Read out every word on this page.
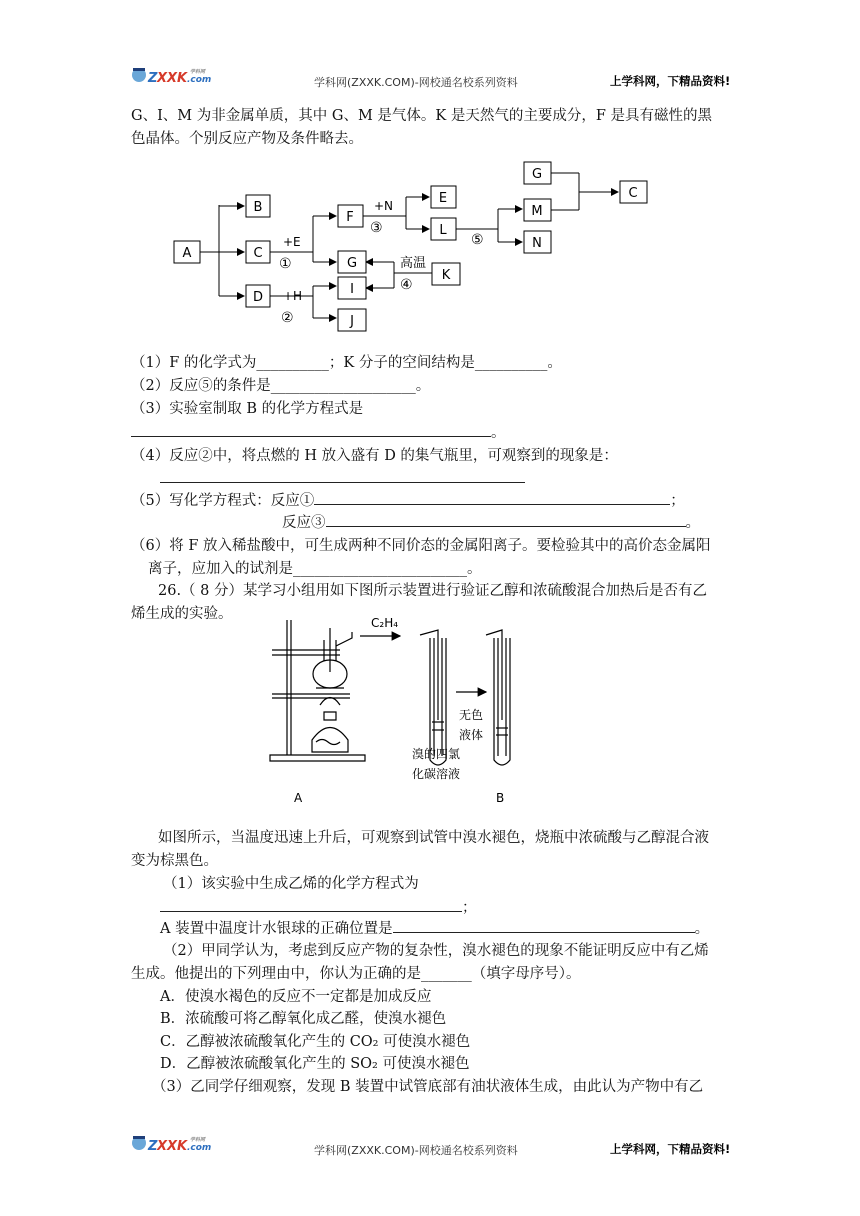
Z XXK .com
学科网
学科网(ZXXK.COM)-网校通名校系列资料	上学科网，下精品资料!
G、I、M 为非金属单质，其中 G、M 是气体。K 是天然气的主要成分，F 是具有磁性的黑
色晶体。个别反应产物及条件略去。
A
B
C
D
E
F
G
I
J
K
L
M
N
G
C
+E
①
+N
③
+H
②
高温
④
⑤
（1）F 的化学式为__________；K 分子的空间结构是__________。
（2）反应⑤的条件是____________________。
（3）实验室制取 B 的化学方程式是
。
（4）反应②中，将点燃的 H 放入盛有 D 的集气瓶里，可观察到的现象是：
（5）写化学方程式：反应①	；
反应③	。
（6）将 F 放入稀盐酸中，可生成两种不同价态的金属阳离子。要检验其中的高价态金属阳
离子，应加入的试剂是________________________。
26.（ 8 分）某学习小组用如下图所示装置进行验证乙醇和浓硫酸混合加热后是否有乙
烯生成的实验。
C₂H₄
A	B
无色
液体
溴的四氯
化碳溶液
如图所示，当温度迅速上升后，可观察到试管中溴水褪色，烧瓶中浓硫酸与乙醇混合液
变为棕黑色。
（1）该实验中生成乙烯的化学方程式为
；
A 装置中温度计水银球的正确位置是	。
（2）甲同学认为，考虑到反应产物的复杂性，溴水褪色的现象不能证明反应中有乙烯
生成。他提出的下列理由中，你认为正确的是_______（填字母序号）。
A．使溴水褐色的反应不一定都是加成反应
B．浓硫酸可将乙醇氧化成乙醛，使溴水褪色
C．乙醇被浓硫酸氧化产生的 CO₂ 可使溴水褪色
D．乙醇被浓硫酸氧化产生的 SO₂ 可使溴水褪色
（3）乙同学仔细观察，发现 B 装置中试管底部有油状液体生成，由此认为产物中有乙
Z XXK .com
学科网
学科网(ZXXK.COM)-网校通名校系列资料	上学科网，下精品资料!
